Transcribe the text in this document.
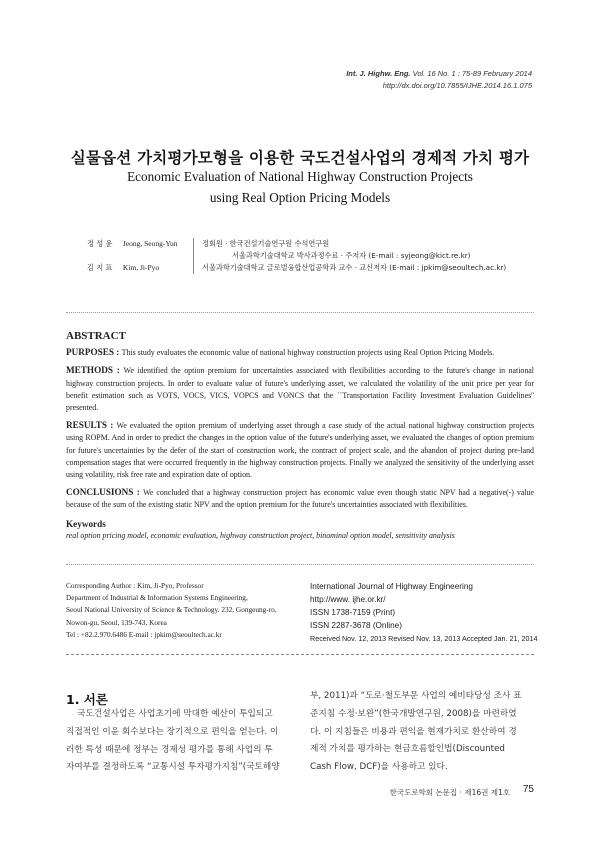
Int. J. Highw. Eng. Vol. 16 No. 1 : 75-89 February 2014
http://dx.doi.org/10.7855/IJHE.2014.16.1.075
실물옵션 가치평가모형을 이용한 국도건설사업의 경제적 가치 평가
Economic Evaluation of National Highway Construction Projects
using Real Option Pricing Models
정 성 윤 Jeong, Seong-Yun
김 지 표 Kim, Ji-Pyo
정회원 · 한국건설기술연구원 수석연구원
서울과학기술대학교 박사과정수료 · 주저자 (E-mail : syjeong@kict.re.kr)
서울과학기술대학교 글로벌융합산업공학과 교수 · 교신저자 (E-mail : jpkim@seoultech.ac.kr)
ABSTRACT

PURPOSES : This study evaluates the economic value of national highway construction projects using Real Option Pricing Models.

METHODS : We identified the option premium for uncertainties associated with flexibilities according to the future's change in national highway construction projects. In order to evaluate value of future's underlying asset, we calculated the volatility of the unit price per year for benefit estimation such as VOTS, VOCS, VICS, VOPCS and VONCS that the ``Transportation Facility Investment Evaluation Guidelines'' presented.

RESULTS : We evaluated the option premium of underlying asset through a case study of the actual national highway construction projects using ROPM. And in order to predict the changes in the option value of the future's underlying asset, we evaluated the changes of option premium for future's uncertainties by the defer of the start of construction work, the contract of project scale, and the abandon of project during pre-land compensation stages that were occurred frequently in the highway construction projects. Finally we analyzed the sensitivity of the underlying asset using volatility, risk free rate and expiration date of option.

CONCLUSIONS : We concluded that a highway construction project has economic value even though static NPV had a negative(-) value because of the sum of the existing static NPV and the option premium for the future's uncertainties associated with flexibilities.

Keywords
real option pricing model, economic evaluation, highway construction project, binominal option model, sensitivity analysis
Corresponding Author : Kim, Ji-Pyo, Professor
Department of Industrial & Information Systems Engineering,
Seoul National University of Science & Technology. 232, Gongeung-ro,
Nowon-gu, Seoul, 139-743, Korea
Tel : +82.2.970.6486 E-mail : jpkim@seoultech.ac.kr
International Journal of Highway Engineering
http://www. ijhe.or.kr/
ISSN 1738-7159 (Print)
ISSN 2287-3678 (Online)
Received Nov. 12, 2013 Revised Nov. 13, 2013 Accepted Jan. 21, 2014
1. 서론
국도건설사업은 사업초기에 막대한 예산이 투입되고
직접적인 이윤 회수보다는 장기적으로 편익을 얻는다. 이
러한 특성 때문에 정부는 경제성 평가를 통해 사업의 투
자여부를 결정하도록 “교통시설 투자평가지침”(국토해양
부, 2011)과 “도로·철도부문 사업의 예비타당성 조사 표
준지침 수정·보완”(한국개발연구원, 2008)을 마련하였
다. 이 지침들은 비용과 편익을 현재가치로 환산하여 경
제적 가치를 평가하는 현금흐름할인법(Discounted
Cash Flow, DCF)을 사용하고 있다.
한국도로학회 논문집 · 제16권 제1호 75
